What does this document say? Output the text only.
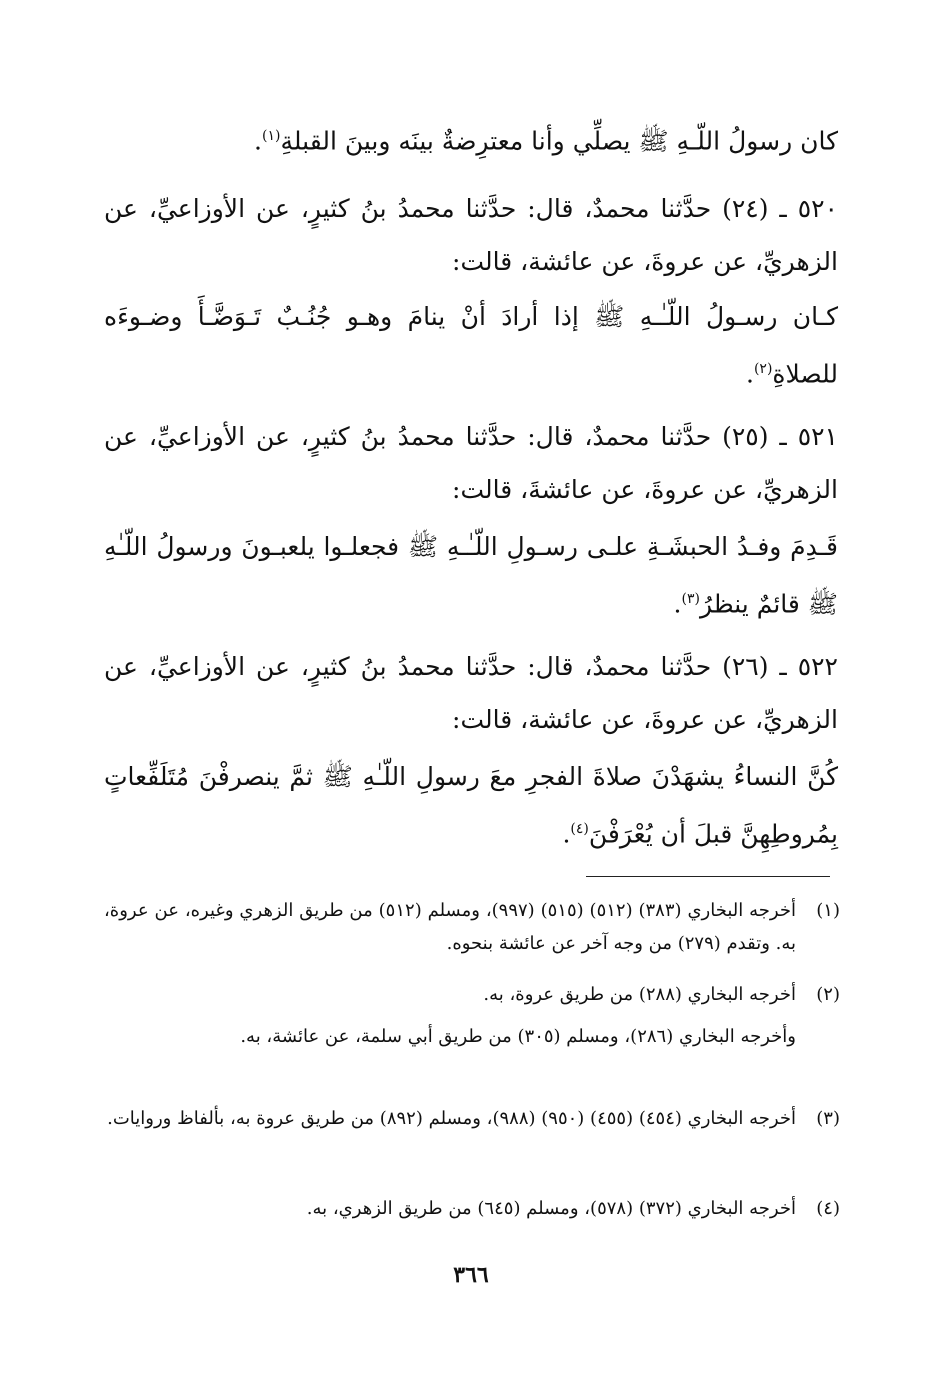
كان رسولُ اللّـهِ ﷺ يصلِّي وأنا معترِضةٌ بينَه وبينَ القبلةِ$^{(١)}$.
٥٢٠ ـ (٢٤) حدَّثنا محمدٌ، قال: حدَّثنا محمدُ بنُ كثيرٍ، عن الأوزاعيِّ، عن الزهريِّ، عن عروةَ، عن عائشة، قالت:
كـان رسـولُ اللّـٰـهِ ﷺ إذا أرادَ أنْ ينامَ وهـو جُنُـبٌ تَـوَضَّـأَ وضـوءَه للصلاةِ$^{(٢)}$.
٥٢١ ـ (٢٥) حدَّثنا محمدٌ، قال: حدَّثنا محمدُ بنُ كثيرٍ، عن الأوزاعيِّ، عن الزهريِّ، عن عروةَ، عن عائشةَ، قالت:
قَـدِمَ وفـدُ الحبشَـةِ علـى رسـولِ اللّـٰـهِ ﷺ فجعلـوا يلعبـونَ ورسولُ اللّـٰهِ ﷺ قائمٌ ينظرُ$^{(٣)}$.
٥٢٢ ـ (٢٦) حدَّثنا محمدٌ، قال: حدَّثنا محمدُ بنُ كثيرٍ، عن الأوزاعيِّ، عن الزهريِّ، عن عروةَ، عن عائشة، قالت:
كُنَّ النساءُ يشهَدْنَ صلاةَ الفجرِ معَ رسولِ اللّـٰهِ ﷺ ثمَّ ينصرفْنَ مُتَلَفِّعاتٍ بِمُروطِهِنَّ قبلَ أن يُعْرَفْنَ$^{(٤)}$.
(١)
أخرجه البخاري (٣٨٣) (٥١٢) (٥١٥) (٩٩٧)، ومسلم (٥١٢) من طريق الزهري وغيره، عن عروة، به. وتقدم (٢٧٩) من وجه آخر عن عائشة بنحوه.
(٢)
أخرجه البخاري (٢٨٨) من طريق عروة، به.
وأخرجه البخاري (٢٨٦)، ومسلم (٣٠٥) من طريق أبي سلمة، عن عائشة، به.
(٣)
أخرجه البخاري (٤٥٤) (٤٥٥) (٩٥٠) (٩٨٨)، ومسلم (٨٩٢) من طريق عروة به، بألفاظ وروايات.
(٤)
أخرجه البخاري (٣٧٢) (٥٧٨)، ومسلم (٦٤٥) من طريق الزهري، به.
٣٦٦
